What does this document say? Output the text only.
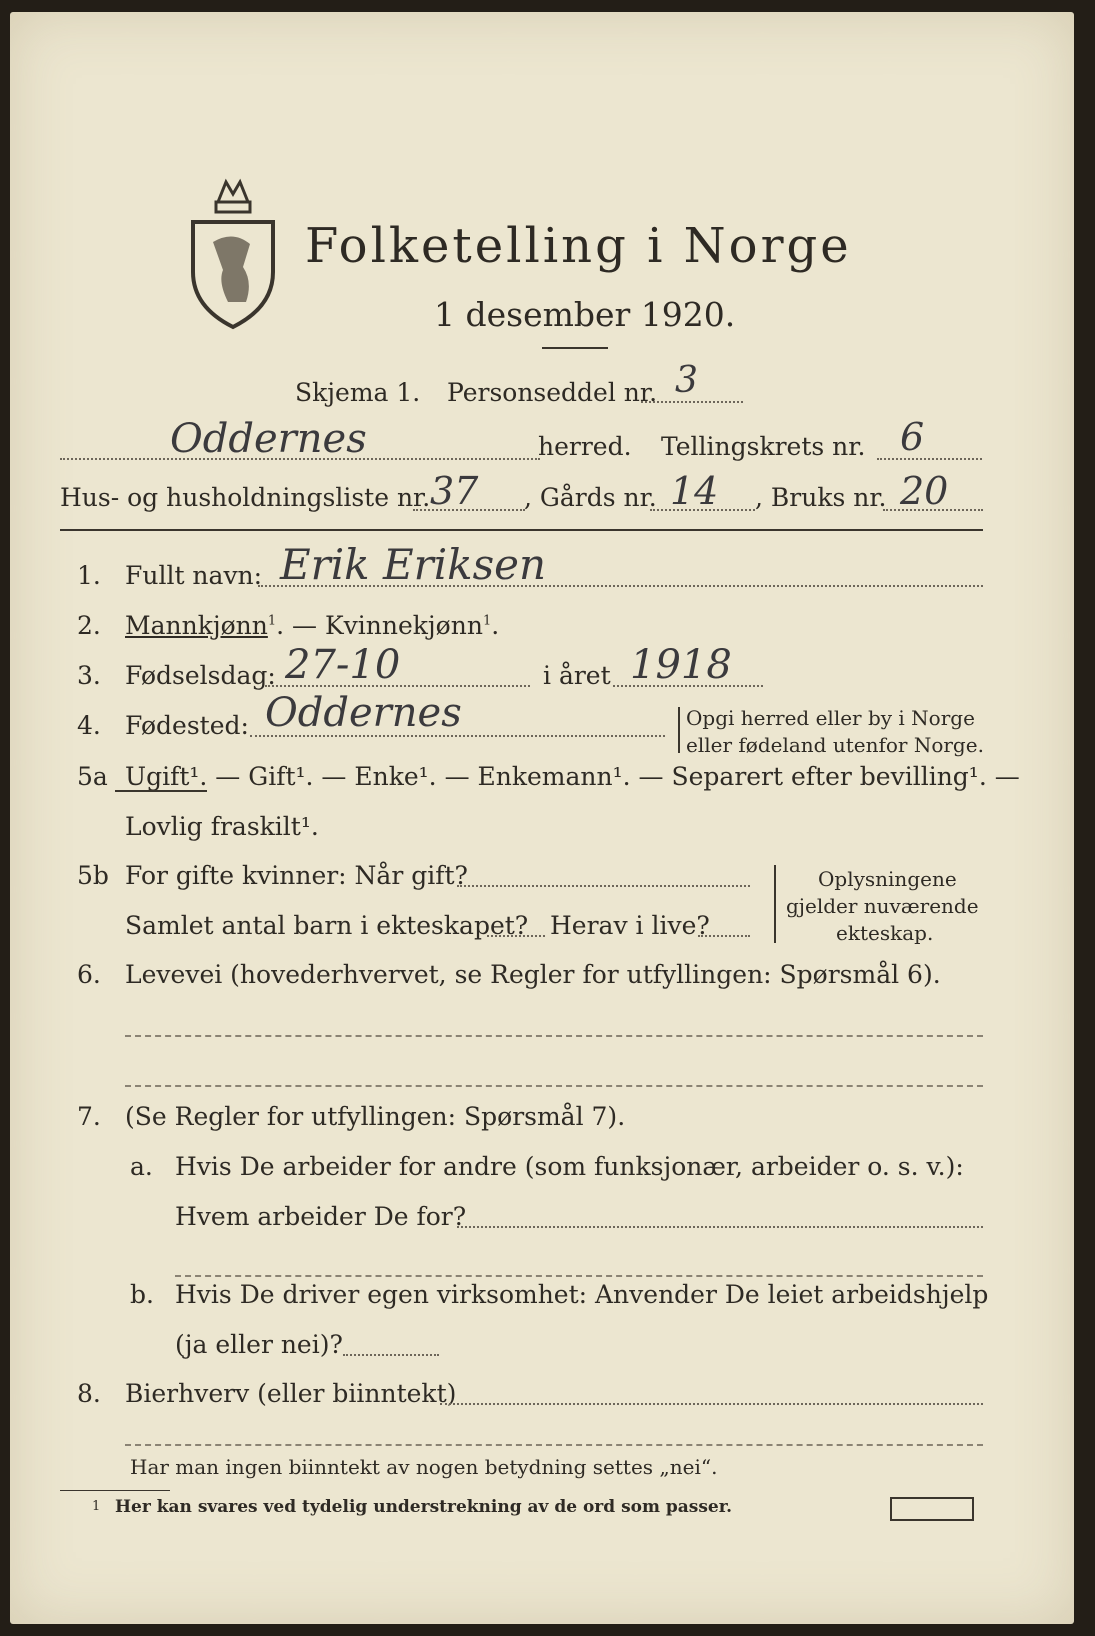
Folketelling i Norge
1 desember 1920.
Skjema 1. Personseddel nr. 3
Oddernes	herred. Tellingskrets nr. 6
Hus- og husholdningsliste nr. 37 , Gårds nr. 14 , Bruks nr. 20
1. Fullt navn: Erik Eriksen
2. Mannkjønn$^1$. — Kvinnekjønn$^1$.
3. Fødselsdag: 27-10	i året 1918
4. Fødested: Oddernes	Opgi herred eller by i Norge
eller fødeland utenfor Norge.
5a Ugift¹. — Gift¹. — Enke¹. — Enkemann¹. — Separert efter bevilling¹. —
Lovlig fraskilt¹.
5b For gifte kvinner: Når gift?
Samlet antal barn i ekteskapet? Herav i live?
Oplysningene
gjelder nuværende
ekteskap.
6. Levevei (hovederhvervet, se Regler for utfyllingen: Spørsmål 6).
7. (Se Regler for utfyllingen: Spørsmål 7).
a. Hvis De arbeider for andre (som funksjonær, arbeider o. s. v.):
Hvem arbeider De for?
b. Hvis De driver egen virksomhet: Anvender De leiet arbeidshjelp
(ja eller nei)?
8. Bierhverv (eller biinntekt)
Har man ingen biinntekt av nogen betydning settes „nei“.
1 Her kan svares ved tydelig understrekning av de ord som passer.
